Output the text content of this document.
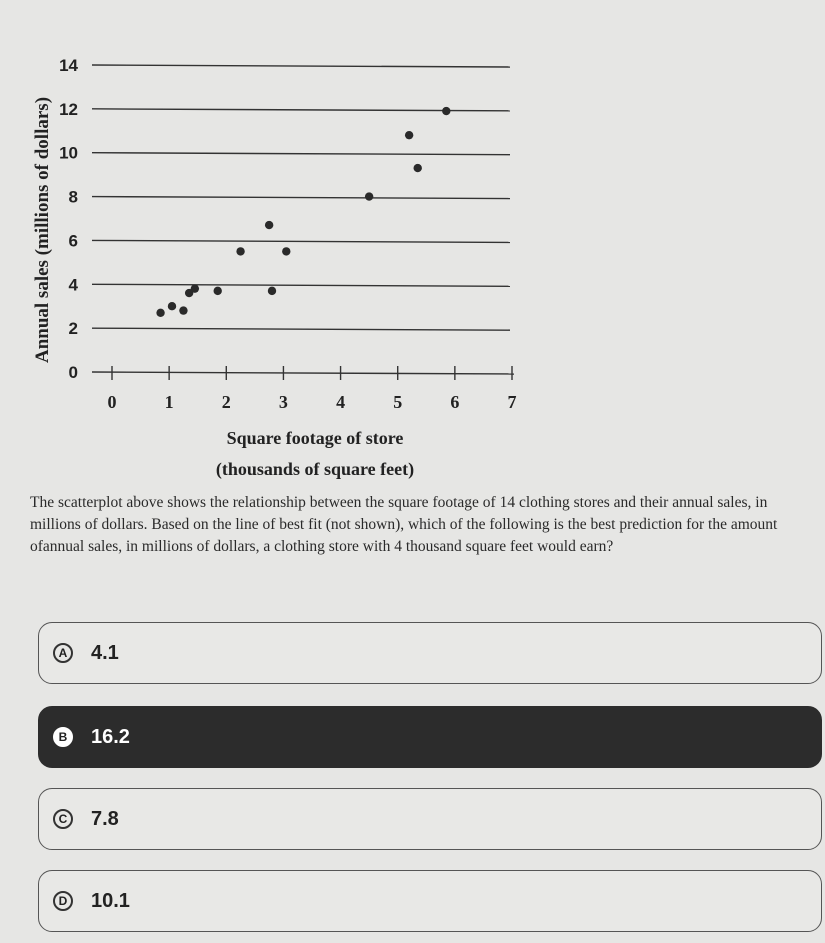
0
2
4
6
8
10
12
14
0	1	2	3	4	5	6	7
Annual sales (millions of dollars)
Square footage of store
(thousands of square feet)
The scatterplot above shows the relationship between the square footage of 14 clothing stores and their annual sales, in millions of dollars. Based on the line of best fit (not shown), which of the following is the best prediction for the amount ofannual sales, in millions of dollars, a clothing store with 4 thousand square feet would earn?
A 4.1
B 16.2
C 7.8
D 10.1
